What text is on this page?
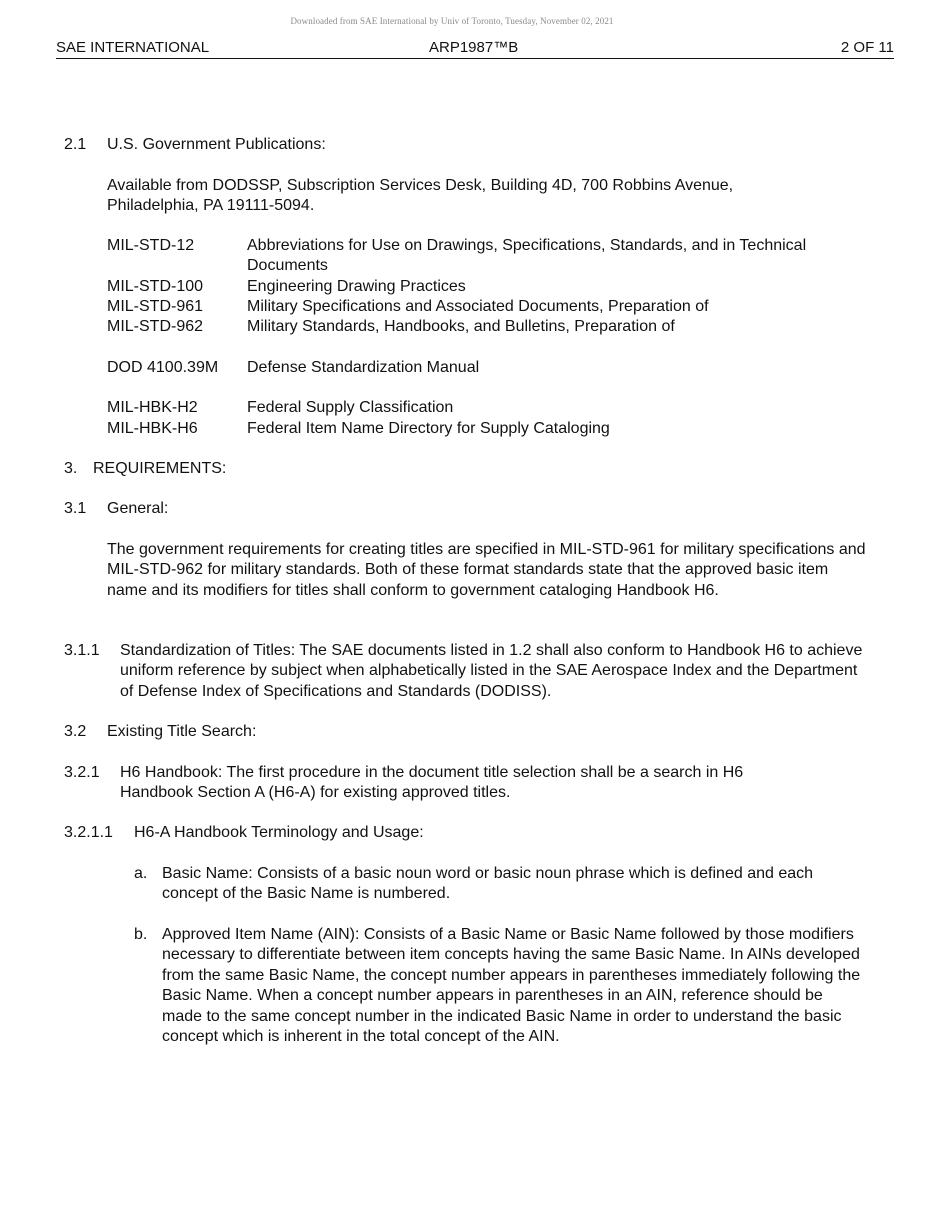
Downloaded from SAE International by Univ of Toronto, Tuesday, November 02, 2021
SAE INTERNATIONAL	ARP1987™B	2 OF 11
2.1 U.S. Government Publications:

Available from DODSSP, Subscription Services Desk, Building 4D, 700 Robbins Avenue, Philadelphia, PA 19111-5094.

MIL-STD-12	Abbreviations for Use on Drawings, Specifications, Standards, and in Technical Documents
MIL-STD-100	Engineering Drawing Practices
MIL-STD-961	Military Specifications and Associated Documents, Preparation of
MIL-STD-962	Military Standards, Handbooks, and Bulletins, Preparation of
DOD 4100.39M Defense Standardization Manual
MIL-HBK-H2	Federal Supply Classification
MIL-HBK-H6	Federal Item Name Directory for Supply Cataloging
3. REQUIREMENTS:
3.1 General:

The government requirements for creating titles are specified in MIL-STD-961 for military specifications and MIL-STD-962 for military standards. Both of these format standards state that the approved basic item name and its modifiers for titles shall conform to government cataloging Handbook H6.

3.1.1 Standardization of Titles: The SAE documents listed in 1.2 shall also conform to Handbook H6 to achieve uniform reference by subject when alphabetically listed in the SAE Aerospace Index and the Department of Defense Index of Specifications and Standards (DODISS).
3.2 Existing Title Search:
3.2.1 H6 Handbook: The first procedure in the document title selection shall be a search in H6 Handbook Section A (H6-A) for existing approved titles.
3.2.1.1 H6-A Handbook Terminology and Usage:
a. Basic Name: Consists of a basic noun word or basic noun phrase which is defined and each concept of the Basic Name is numbered.
b. Approved Item Name (AIN): Consists of a Basic Name or Basic Name followed by those modifiers necessary to differentiate between item concepts having the same Basic Name. In AINs developed from the same Basic Name, the concept number appears in parentheses immediately following the Basic Name. When a concept number appears in parentheses in an AIN, reference should be made to the same concept number in the indicated Basic Name in order to understand the basic concept which is inherent in the total concept of the AIN.
